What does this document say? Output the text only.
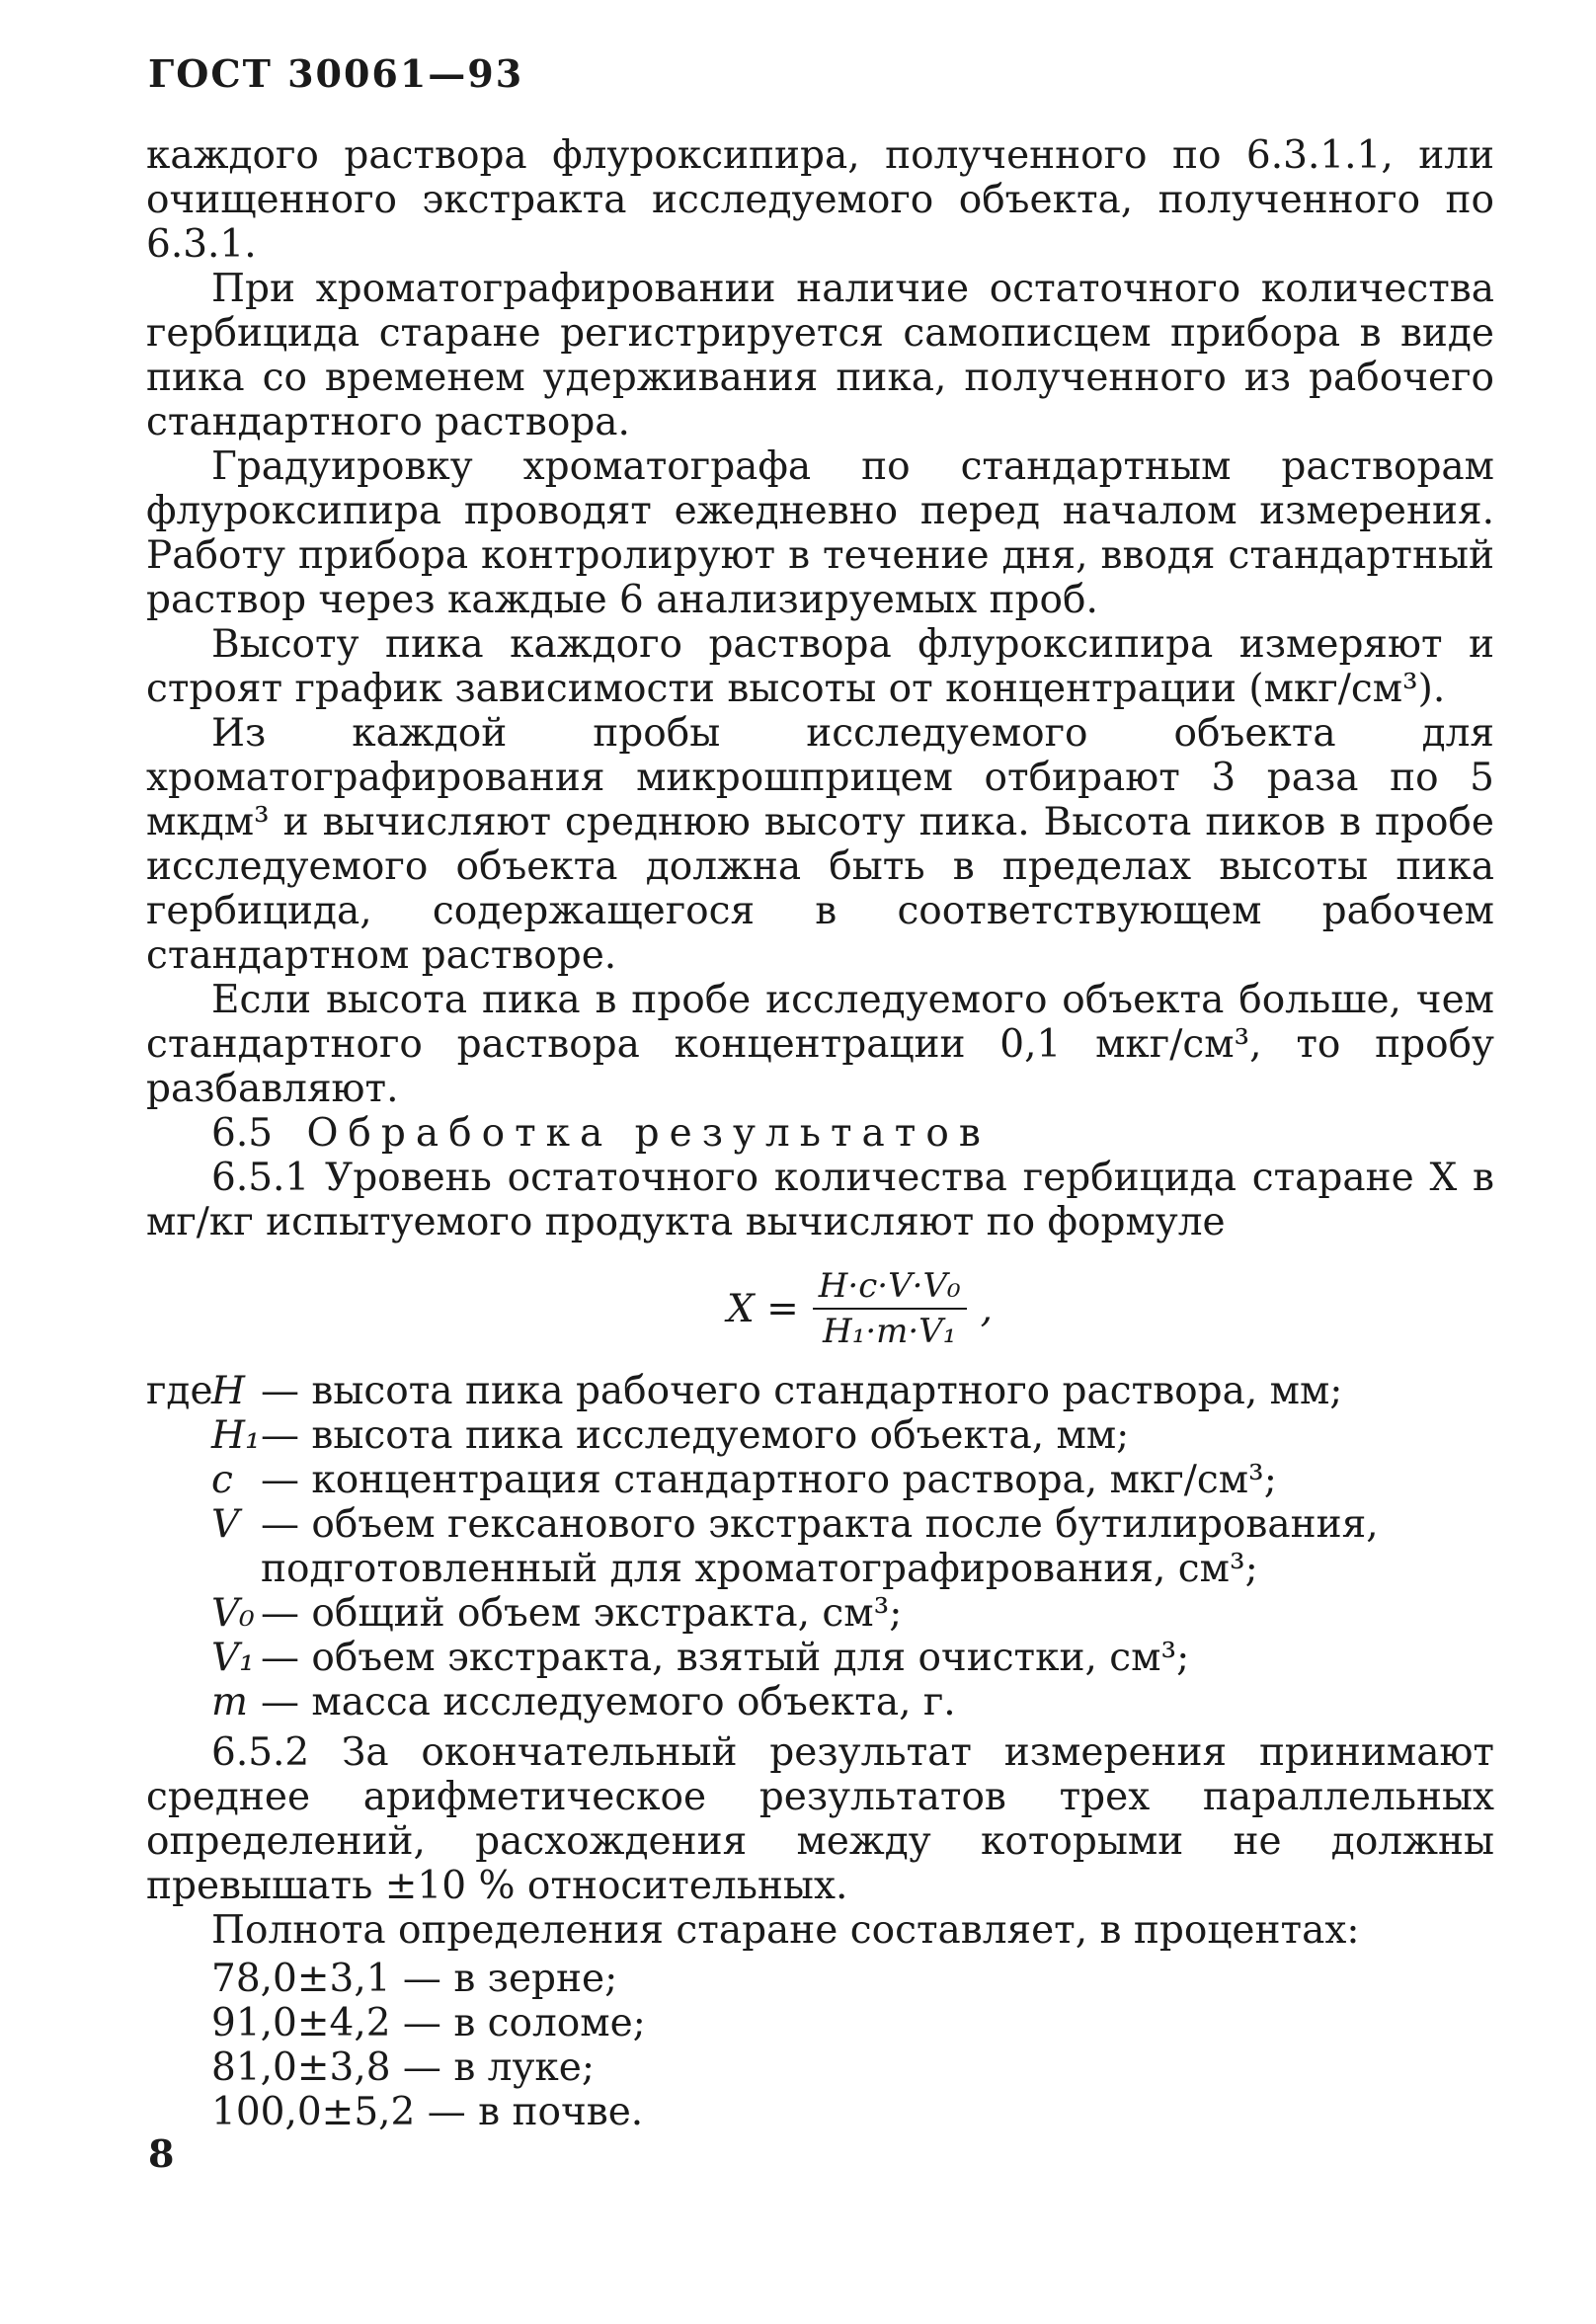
ГОСТ 30061—93

каждого раствора флуроксипира, полученного по 6.3.1.1, или очищенного экстракта исследуемого объекта, полученного по 6.3.1.

При хроматографировании наличие остаточного количества гербицида старане регистрируется самописцем прибора в виде пика со временем удерживания пика, полученного из рабочего стандартного раствора.

Градуировку хроматографа по стандартным растворам флуроксипира проводят ежедневно перед началом измерения. Работу прибора контролируют в течение дня, вводя стандартный раствор через каждые 6 анализируемых проб.

Высоту пика каждого раствора флуроксипира измеряют и строят график зависимости высоты от концентрации (мкг/см³).

Из каждой пробы исследуемого объекта для хроматографирования микрошприцем отбирают 3 раза по 5 мкдм³ и вычисляют среднюю высоту пика. Высота пиков в пробе исследуемого объекта должна быть в пределах высоты пика гербицида, содержащегося в соответствующем рабочем стандартном растворе.

Если высота пика в пробе исследуемого объекта больше, чем стандартного раствора концентрации 0,1 мкг/см³, то пробу разбавляют.

6.5 Обработка результатов

6.5.1 Уровень остаточного количества гербицида старане X в мг/кг испытуемого продукта вычисляют по формуле

$X = \frac{\text{H·c·V·V₀}}{\text{H₁·m·V₁}}$ ,
где
H — высота пика рабочего стандартного раствора, мм;
H₁ — высота пика исследуемого объекта, мм;
c — концентрация стандартного раствора, мкг/см³;
V — объем гексанового экстракта после бутилирования, подготовленный для хроматографирования, см³;
V₀ — общий объем экстракта, см³;
V₁ — объем экстракта, взятый для очистки, см³;
m — масса исследуемого объекта, г.

6.5.2 За окончательный результат измерения принимают среднее арифметическое результатов трех параллельных определений, расхождения между которыми не должны превышать ±10 % относительных.

Полнота определения старане составляет, в процентах:

78,0±3,1 — в зерне;
91,0±4,2 — в соломе;
81,0±3,8 — в луке;
100,0±5,2 — в почве.
8
